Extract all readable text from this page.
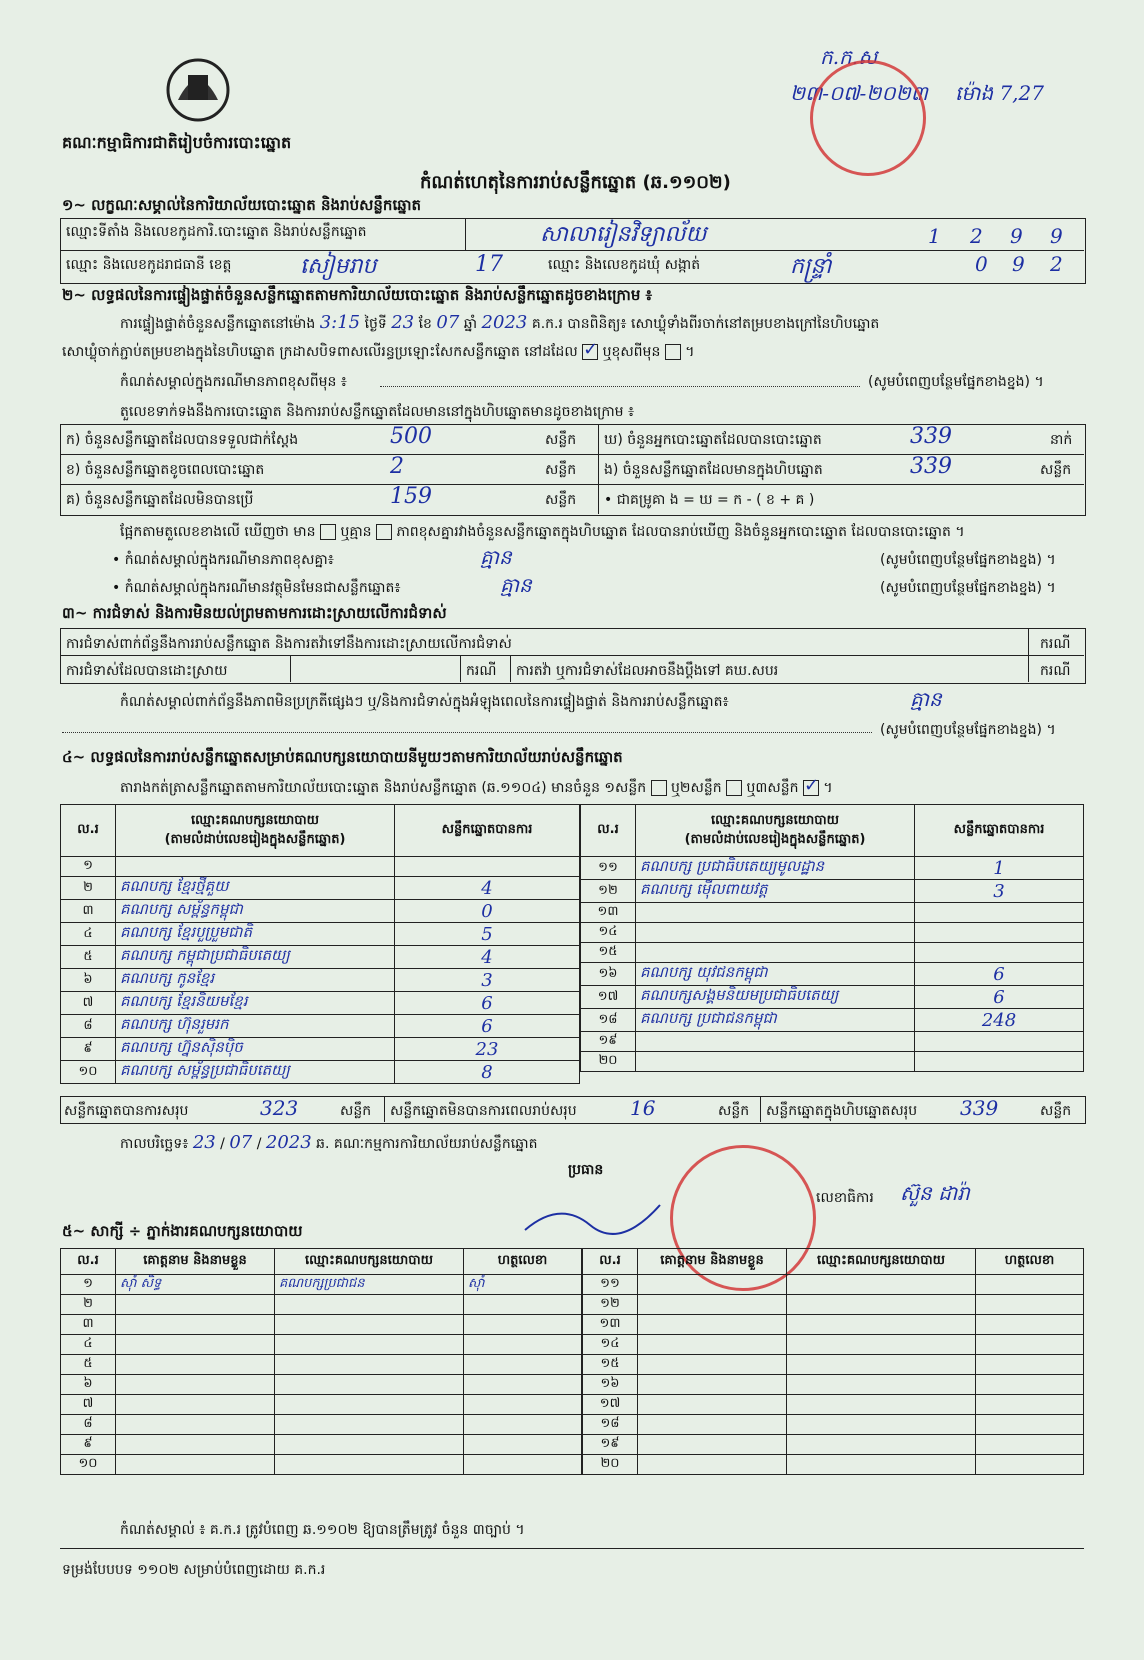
គណៈកម្មាធិការជាតិរៀបចំការបោះឆ្នោត
កំណត់ហេតុនៃការរាប់សន្លឹកឆ្នោត (ឆ.១១០២)
ក.ក.ស
២៣-០៧-២០២៣ ម៉ោង 7,27
១~ លក្ខណៈសម្គាល់នៃការិយាល័យបោះឆ្នោត និងរាប់សន្លឹកឆ្នោត
ឈ្មោះទីតាំង និងលេខកូដការិ.បោះឆ្នោត និងរាប់សន្លឹកឆ្នោត	សាលារៀនវិទ្យាល័យ	1 2 9 9
ឈ្មោះ និងលេខកូដរាជធានី ខេត្ត	សៀមរាប	17	ឈ្មោះ និងលេខកូដឃុំ សង្កាត់	កន្ទ្រាំ	0 9 2
២~ លទ្ធផលនៃការផ្ទៀងផ្ទាត់ចំនួនសន្លឹកឆ្នោតតាមការិយាល័យបោះឆ្នោត និងរាប់សន្លឹកឆ្នោតដូចខាងក្រោម ៖
ការផ្ទៀងផ្ទាត់ចំនួនសន្លឹកឆ្នោតនៅម៉ោង 3:15 ថ្ងៃទី 23 ខែ 07 ឆ្នាំ 2023 គ.ក.រ បានពិនិត្យ៖ សោឃ្លុំទាំងពីរចាក់នៅតម្របខាងក្រៅនៃហិបឆ្នោត
សោឃ្លុំចាក់ភ្ជាប់តម្របខាងក្នុងនៃហិបឆ្នោត ក្រដាសបិទពាសលើរន្ធប្រឡោះសែកសន្លឹកឆ្នោត នៅដដែល ✓ ឬខុសពីមុន  ។
កំណត់សម្គាល់ក្នុងករណីមានភាពខុសពីមុន ៖	(សូមបំពេញបន្ថែមផ្នែកខាងខ្នង) ។
តួលេខទាក់ទងនឹងការបោះឆ្នោត និងការរាប់សន្លឹកឆ្នោតដែលមាននៅក្នុងហិបឆ្នោតមានដូចខាងក្រោម ៖
ក) ចំនួនសន្លឹកឆ្នោតដែលបានទទួលជាក់ស្តែង	500	សន្លឹក
ខ) ចំនួនសន្លឹកឆ្នោតខូចពេលបោះឆ្នោត	2	សន្លឹក
គ) ចំនួនសន្លឹកឆ្នោតដែលមិនបានប្រើ	159	សន្លឹក
ឃ) ចំនួនអ្នកបោះឆ្នោតដែលបានបោះឆ្នោត	339	នាក់
ង) ចំនួនសន្លឹកឆ្នោតដែលមានក្នុងហិបឆ្នោត	339	សន្លឹក
• ជាគម្រូគា ង = ឃ = ក - ( ខ + គ )
ផ្អែកតាមតួលេខខាងលើ ឃើញថា មាន ឬគ្មាន ភាពខុសគ្នារវាងចំនួនសន្លឹកឆ្នោតក្នុងហិបឆ្នោត ដែលបានរាប់ឃើញ និងចំនួនអ្នកបោះឆ្នោត ដែលបានបោះឆ្នោត ។
• កំណត់សម្គាល់ក្នុងករណីមានភាពខុសគ្នា៖	គ្មាន	(សូមបំពេញបន្ថែមផ្នែកខាងខ្នង) ។
• កំណត់សម្គាល់ក្នុងករណីមានវត្ថុមិនមែនជាសន្លឹកឆ្នោត៖	គ្មាន	(សូមបំពេញបន្ថែមផ្នែកខាងខ្នង) ។
៣~ ការជំទាស់ និងការមិនយល់ព្រមតាមការដោះស្រាយលើការជំទាស់
ការជំទាស់ពាក់ព័ន្ធនឹងការរាប់សន្លឹកឆ្នោត និងការតវ៉ាទៅនឹងការដោះស្រាយលើការជំទាស់	ករណី
ការជំទាស់ដែលបានដោះស្រាយ	ករណី ការតវ៉ា ឬការជំទាស់ដែលអាចនឹងប្តឹងទៅ គឃ.សបរ	ករណី
កំណត់សម្គាល់ពាក់ព័ន្ធនឹងភាពមិនប្រក្រតីផ្សេងៗ ឬ/និងការជំទាស់ក្នុងអំឡុងពេលនៃការផ្ទៀងផ្ទាត់ និងការរាប់សន្លឹកឆ្នោត៖	គ្មាន
(សូមបំពេញបន្ថែមផ្នែកខាងខ្នង) ។
៤~ លទ្ធផលនៃការរាប់សន្លឹកឆ្នោតសម្រាប់គណបក្សនយោបាយនីមួយៗតាមការិយាល័យរាប់សន្លឹកឆ្នោត
តារាងកត់ត្រាសន្លឹកឆ្នោតតាមការិយាល័យបោះឆ្នោត និងរាប់សន្លឹកឆ្នោត (ឆ.១១០៤) មានចំនួន ១សន្លឹក ឬ២សន្លឹក ឬ៣សន្លឹក ✓ ។
ល.រ	ឈ្មោះគណបក្សនយោបាយ
(តាមលំដាប់លេខរៀងក្នុងសន្លឹកឆ្នោត)	សន្លឹកឆ្នោតបានការ
១		
២	គណបក្ស ខ្មែរថ្មីគួយ	4
៣	គណបក្ស សម្ព័ន្ធកម្ពុជា	0
៤	គណបក្ស ខ្មែរបួប្រួមជាតិ	5
៥	គណបក្ស កម្ពុជាប្រជាធិបតេយ្យ	4
៦	គណបក្ស កូនខ្មែរ	3
៧	គណបក្ស ខ្មែរនិយមខ្មែរ	6
៨	គណបក្ស ហ៊ុនរួមរក	6
៩	គណបក្ស ហ្វ៊ុនស៊ិនប៉ិច	23
១០	គណបក្ស សម្ព័ន្ធប្រជាធិបតេយ្យ	8
ល.រ	ឈ្មោះគណបក្សនយោបាយ
(តាមលំដាប់លេខរៀងក្នុងសន្លឹកឆ្នោត)	សន្លឹកឆ្នោតបានការ
១១	គណបក្ស ប្រជាធិបតេយ្យមូលដ្ឋាន	1
១២	គណបក្ស ម៉ើលពាយវត្ត	3
១៣		
១៤		
១៥		
១៦	គណបក្ស យុវជនកម្ពុជា	6
១៧	គណបក្សសង្គមនិយមប្រជាធិបតេយ្យ	6
១៨	គណបក្ស ប្រជាជនកម្ពុជា	248
១៩		
២០		
សន្លឹកឆ្នោតបានការសរុប	323	សន្លឹក សន្លឹកឆ្នោតមិនបានការពេលរាប់សរុប	16	សន្លឹក សន្លឹកឆ្នោតក្នុងហិបឆ្នោតសរុប 339	សន្លឹក
កាលបរិច្ឆេទ៖ 23 / 07 / 2023 ឆ. គណៈកម្មការការិយាល័យរាប់សន្លឹកឆ្នោត
ប្រធាន
លេខាធិការ ស៊ួន ដារ៉ា
៥~ សាក្សី ÷ ភ្នាក់ងារគណបក្សនយោបាយ
ល.រ	គោត្តនាម និងនាមខ្លួន	ឈ្មោះគណបក្សនយោបាយ	ហត្ថលេខា
១	ស៊ាំ សិទ្ធ	គណបក្សប្រជាជន	ស៊ាំ
២			
៣			
៤			
៥			
៦			
៧			
៨			
៩			
១០			
ល.រ	គោត្តនាម និងនាមខ្លួន	ឈ្មោះគណបក្សនយោបាយ	ហត្ថលេខា
១១			
១២			
១៣			
១៤			
១៥			
១៦			
១៧			
១៨			
១៩			
២០			
កំណត់សម្គាល់ ៖ គ.ក.រ ត្រូវបំពេញ ឆ.១១០២ ឱ្យបានត្រឹមត្រូវ ចំនួន ៣ច្បាប់ ។
ទម្រង់បែបបទ ១១០២ សម្រាប់បំពេញដោយ គ.ក.រ
